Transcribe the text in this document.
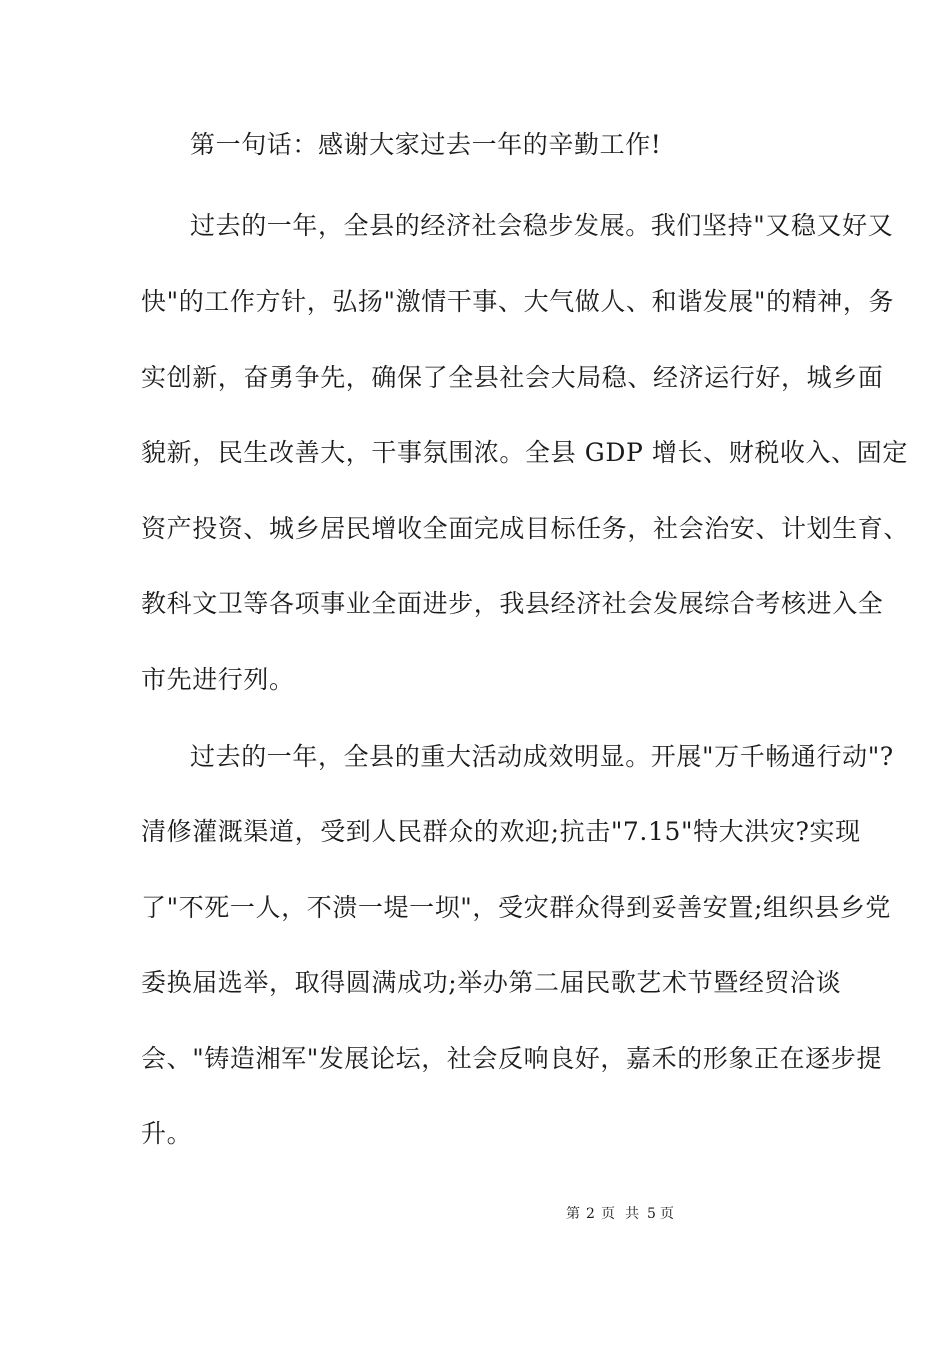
第一句话：感谢大家过去一年的辛勤工作!
过去的一年，全县的经济社会稳步发展。我们坚持"又稳又好又
快"的工作方针，弘扬"激情干事、大气做人、和谐发展"的精神，务
实创新，奋勇争先，确保了全县社会大局稳、经济运行好，城乡面
貌新，民生改善大，干事氛围浓。全县 GDP 增长、财税收入、固定
资产投资、城乡居民增收全面完成目标任务，社会治安、计划生育、
教科文卫等各项事业全面进步，我县经济社会发展综合考核进入全
市先进行列。
过去的一年，全县的重大活动成效明显。开展"万千畅通行动"?
清修灌溉渠道，受到人民群众的欢迎;抗击"7.15"特大洪灾?实现
了"不死一人，不溃一堤一坝"，受灾群众得到妥善安置;组织县乡党
委换届选举，取得圆满成功;举办第二届民歌艺术节暨经贸洽谈
会、"铸造湘军"发展论坛，社会反响良好，嘉禾的形象正在逐步提
升。

第

2

页

共

5

页
